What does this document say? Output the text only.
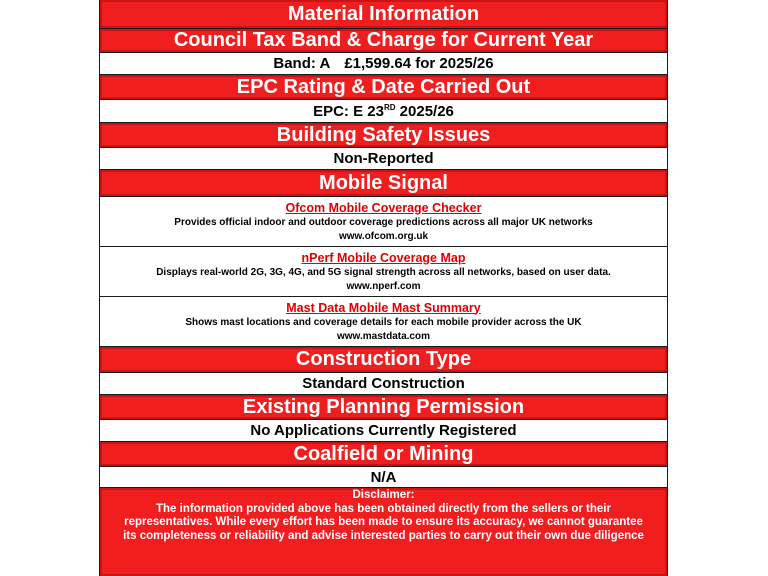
Material Information
Council Tax Band & Charge for Current Year
Band: A £1,599.64 for 2025/26
EPC Rating & Date Carried Out
EPC: E 23RD 2025/26
Building Safety Issues
Non-Reported
Mobile Signal
Ofcom Mobile Coverage Checker
Provides official indoor and outdoor coverage predictions across all major UK networks
www.ofcom.org.uk
nPerf Mobile Coverage Map
Displays real-world 2G, 3G, 4G, and 5G signal strength across all networks, based on user data.
www.nperf.com
Mast Data Mobile Mast Summary
Shows mast locations and coverage details for each mobile provider across the UK
www.mastdata.com
Construction Type
Standard Construction
Existing Planning Permission
No Applications Currently Registered
Coalfield or Mining
N/A
Disclaimer:
The information provided above has been obtained directly from the sellers or their representatives. While every effort has been made to ensure its accuracy, we cannot guarantee its completeness or reliability and advise interested parties to carry out their own due diligence
